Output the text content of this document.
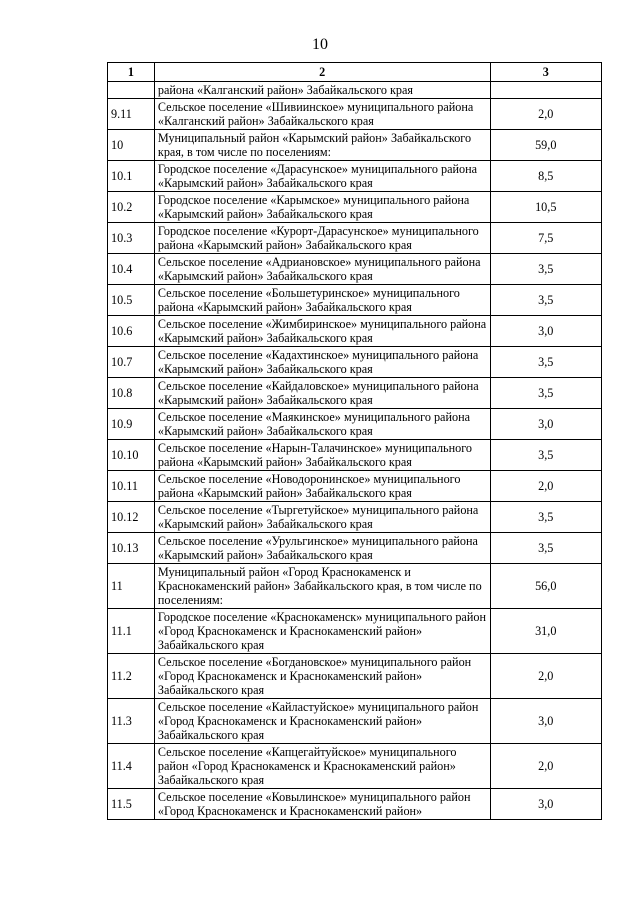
10
1	2	3
	района «Калганский район» Забайкальского края	
9.11	Сельское поселение «Шивиинское» муниципального района «Калганский район» Забайкальского края	2,0
10	Муниципальный район «Карымский район» Забайкальского края, в том числе по поселениям:	59,0
10.1	Городское поселение «Дарасунское» муниципального района «Карымский район» Забайкальского края	8,5
10.2	Городское поселение «Карымское» муниципального района «Карымский район» Забайкальского края	10,5
10.3	Городское поселение «Курорт-Дарасунское» муниципального района «Карымский район» Забайкальского края	7,5
10.4	Сельское поселение «Адриановское» муниципального района «Карымский район» Забайкальского края	3,5
10.5	Сельское поселение «Большетуринское» муниципального района «Карымский район» Забайкальского края	3,5
10.6	Сельское поселение «Жимбиринское» муниципального района «Карымский район» Забайкальского края	3,0
10.7	Сельское поселение «Кадахтинское» муниципального района «Карымский район» Забайкальского края	3,5
10.8	Сельское поселение «Кайдаловское» муниципального района «Карымский район» Забайкальского края	3,5
10.9	Сельское поселение «Маякинское» муниципального района «Карымский район» Забайкальского края	3,0
10.10	Сельское поселение «Нарын-Талачинское» муниципального района «Карымский район» Забайкальского края	3,5
10.11	Сельское поселение «Новодоронинское» муниципального района «Карымский район» Забайкальского края	2,0
10.12	Сельское поселение «Тыргетуйское» муниципального района «Карымский район» Забайкальского края	3,5
10.13	Сельское поселение «Урульгинское» муниципального района «Карымский район» Забайкальского края	3,5
11	Муниципальный район «Город Краснокаменск и Краснокаменский район» Забайкальского края, в том числе по поселениям:	56,0
11.1	Городское поселение «Краснокаменск» муниципального район «Город Краснокаменск и Краснокаменский район» Забайкальского края	31,0
11.2	Сельское поселение «Богдановское» муниципального район «Город Краснокаменск и Краснокаменский район» Забайкальского края	2,0
11.3	Сельское поселение «Кайластуйское» муниципального район «Город Краснокаменск и Краснокаменский район» Забайкальского края	3,0
11.4	Сельское поселение «Капцегайтуйское» муниципального район «Город Краснокаменск и Краснокаменский район» Забайкальского края	2,0
11.5	Сельское поселение «Ковылинское» муниципального район «Город Краснокаменск и Краснокаменский район»	3,0
